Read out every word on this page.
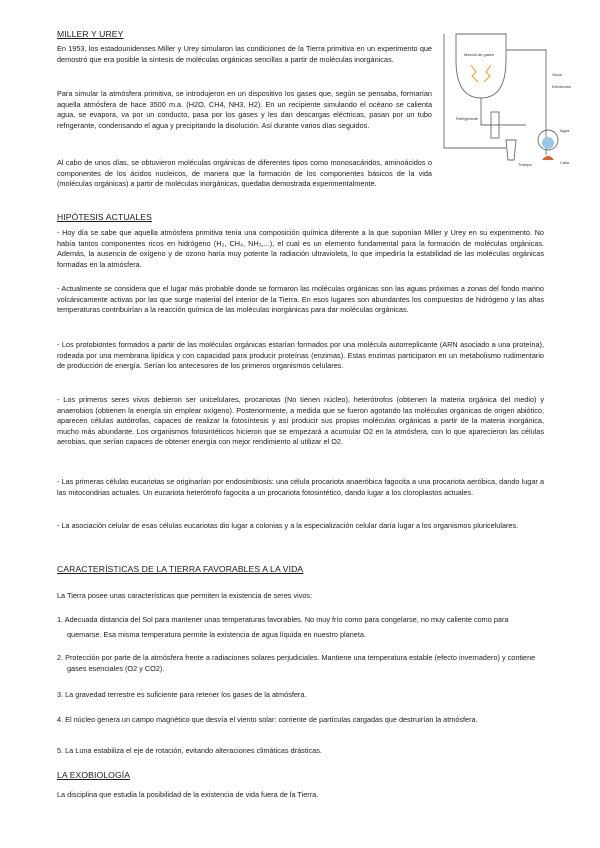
MILLER Y UREY

En 1953, los estadounidenses Miller y Urey simularon las condiciones de la Tierra primitiva en un experimento que demostró que era posible la síntesis de moléculas orgánicas sencillas a partir de moléculas inorgánicas.

Para simular la atmósfera primitiva, se introdujeron en un dispositivo los gases que, según se pensaba, formarían aquella atmósfera de hace 3500 m.a. (H2O, CH4, NH3, H2). En un recipiente simulando el océano se calienta agua, se evapora, va por un conducto, pasa por los gases y les dan descargas eléctricas, pasan por un tubo refrigerante, condensando el agua y precipitando la disolución. Así durante varios días seguidos.

Al cabo de unos días, se obtuvieron moléculas orgánicas de diferentes tipos como monosacáridos, aminoácidos o componentes de los ácidos nucleicos, de manera que la formación de los componentes básicos de la vida (moléculas orgánicas) a partir de moléculas inorgánicas, quedaba demostrada experimentalmente.

Mezcla de gases
Vacío
Electrodos
Agua
Refrigerante
Trampa	Calor
HIPÓTESIS ACTUALES

- Hoy día se sabe que aquella atmósfera primitiva tenía una composición química diferente a la que suponían Miller y Urey en su experimento. No había tantos componentes ricos en hidrógeno (H₂, CH₄, NH₃,...), el cual es un elemento fundamental para la formación de moléculas orgánicas. Además, la ausencia de oxígeno y de ozono haría muy potente la radiación ultravioleta, lo que impediría la estabilidad de las moléculas orgánicas formadas en la atmósfera.

- Actualmente se considera que el lugar más probable donde se formaron las moléculas orgánicas son las aguas próximas a zonas del fondo marino volcánicamente activas por las que surge material del interior de la Tierra. En esos lugares son abundantes los compuestos de hidrógeno y las altas temperaturas contribuirían a la reacción química de las moléculas inorgánicas para dar moléculas orgánicas.

- Los protobiontes formados a partir de las moléculas orgánicas estarían formados por una molécula autorreplicante (ARN asociado a una proteína), rodeada por una membrana lipídica y con capacidad para producir proteínas (enzimas). Estas enzimas participaron en un metabolismo rudimentario de producción de energía. Serían los antecesores de los primeros organismos celulares.

- Los primeros seres vivos debieron ser unicelulares, procariotas (No tienen núcleo), heterótrofos (obtienen la materia orgánica del medio) y anaerobios (obtienen la energía sin emplear oxígeno). Posteriormente, a medida que se fueron agotando las moléculas orgánicas de origen abiótico, aparecen células autótrofas, capaces de realizar la fotosíntesis y así producir sus propias moléculas orgánicas a partir de la materia inorgánica, mucho más abundante. Los organismos fotosintéticos hicieron que se empezará a acumular O2 en la atmósfera, con lo que aparecieron las células aerobias, que serían capaces de obtener energía con mejor rendimiento al utilizar el O2.

- Las primeras células eucariotas se originarían por endosimbiosis: una célula procariota anaeróbica fagocita a una procariota aeróbica, dando lugar a las mitocondrias actuales. Un eucariota heterótrofo fagocita a un procariota fotosintético, dando lugar a los cloroplastos actuales.

- La asociación celular de esas células eucariotas dio lugar a colonias y a la especialización celular daría lugar a los organismos pluricelulares.

CARACTERÍSTICAS DE LA TIERRA FAVORABLES A LA VIDA

La Tierra posee unas características que permiten la existencia de seres vivos:

1. Adecuada distancia del Sol para mantener unas temperaturas favorables. No muy frío como para congelarse, no muy caliente como para quemarse. Esa misma temperatura permite la existencia de agua líquida en nuestro planeta.
2. Protección por parte de la atmósfera frente a radiaciones solares perjudiciales. Mantiene una temperatura estable (efecto invernadero) y contiene gases esenciales (O2 y CO2).
3. La gravedad terrestre es suficiente para retener los gases de la atmósfera.
4. El núcleo genera un campo magnético que desvía el viento solar: corriente de partículas cargadas que destruirían la atmósfera.
5. La Luna estabiliza el eje de rotación, evitando alteraciones climáticas drásticas.
LA EXOBIOLOGÍA

La disciplina que estudia la posibilidad de la existencia de vida fuera de la Tierra.
